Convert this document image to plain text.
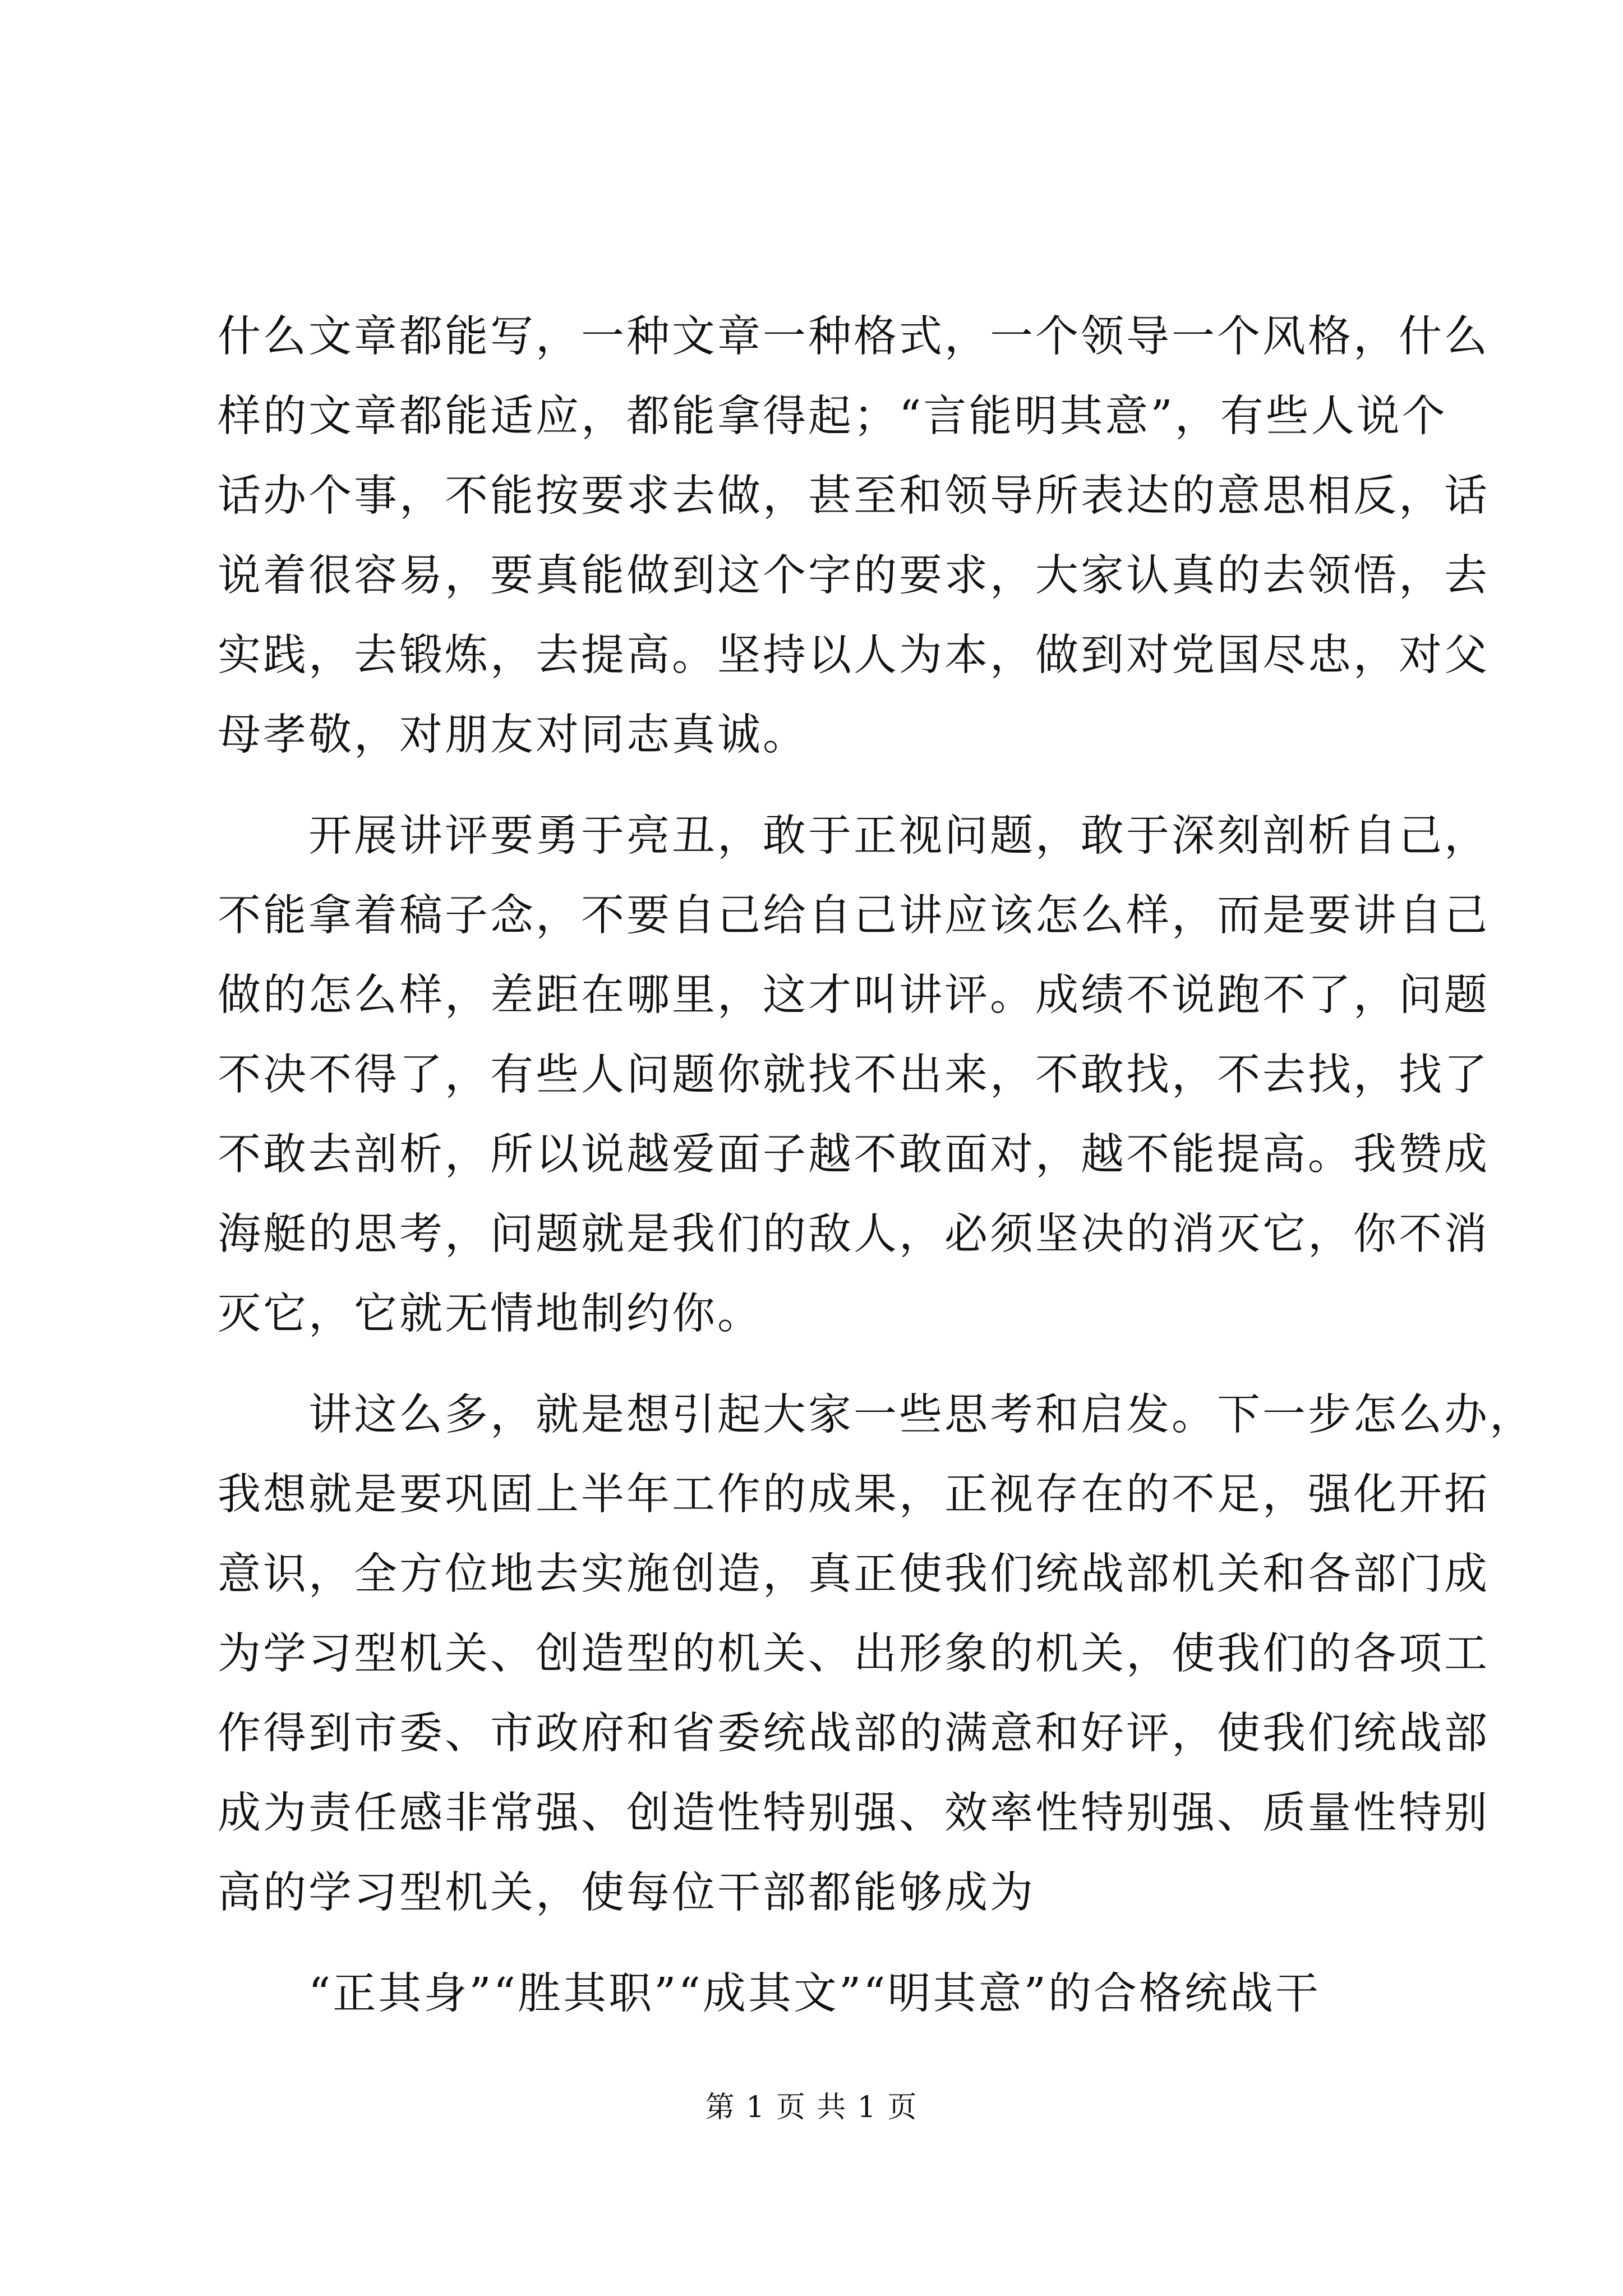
什么文章都能写，一种文章一种格式，一个领导一个风格，什么
样的文章都能适应，都能拿得起；“言能明其意”，有些人说个
话办个事，不能按要求去做，甚至和领导所表达的意思相反，话
说着很容易，要真能做到这个字的要求，大家认真的去领悟，去
实践，去锻炼，去提高。坚持以人为本，做到对党国尽忠，对父
母孝敬，对朋友对同志真诚。
　　开展讲评要勇于亮丑，敢于正视问题，敢于深刻剖析自己，
不能拿着稿子念，不要自己给自己讲应该怎么样，而是要讲自己
做的怎么样，差距在哪里，这才叫讲评。成绩不说跑不了，问题
不决不得了，有些人问题你就找不出来，不敢找，不去找，找了
不敢去剖析，所以说越爱面子越不敢面对，越不能提高。我赞成
海艇的思考，问题就是我们的敌人，必须坚决的消灭它，你不消
灭它，它就无情地制约你。
　　讲这么多，就是想引起大家一些思考和启发。下一步怎么办，
我想就是要巩固上半年工作的成果，正视存在的不足，强化开拓
意识，全方位地去实施创造，真正使我们统战部机关和各部门成
为学习型机关、创造型的机关、出形象的机关，使我们的各项工
作得到市委、市政府和省委统战部的满意和好评，使我们统战部
成为责任感非常强、创造性特别强、效率性特别强、质量性特别
高的学习型机关，使每位干部都能够成为
　　“正其身”“胜其职”“成其文”“明其意”的合格统战干
第 1 页 共 1 页
